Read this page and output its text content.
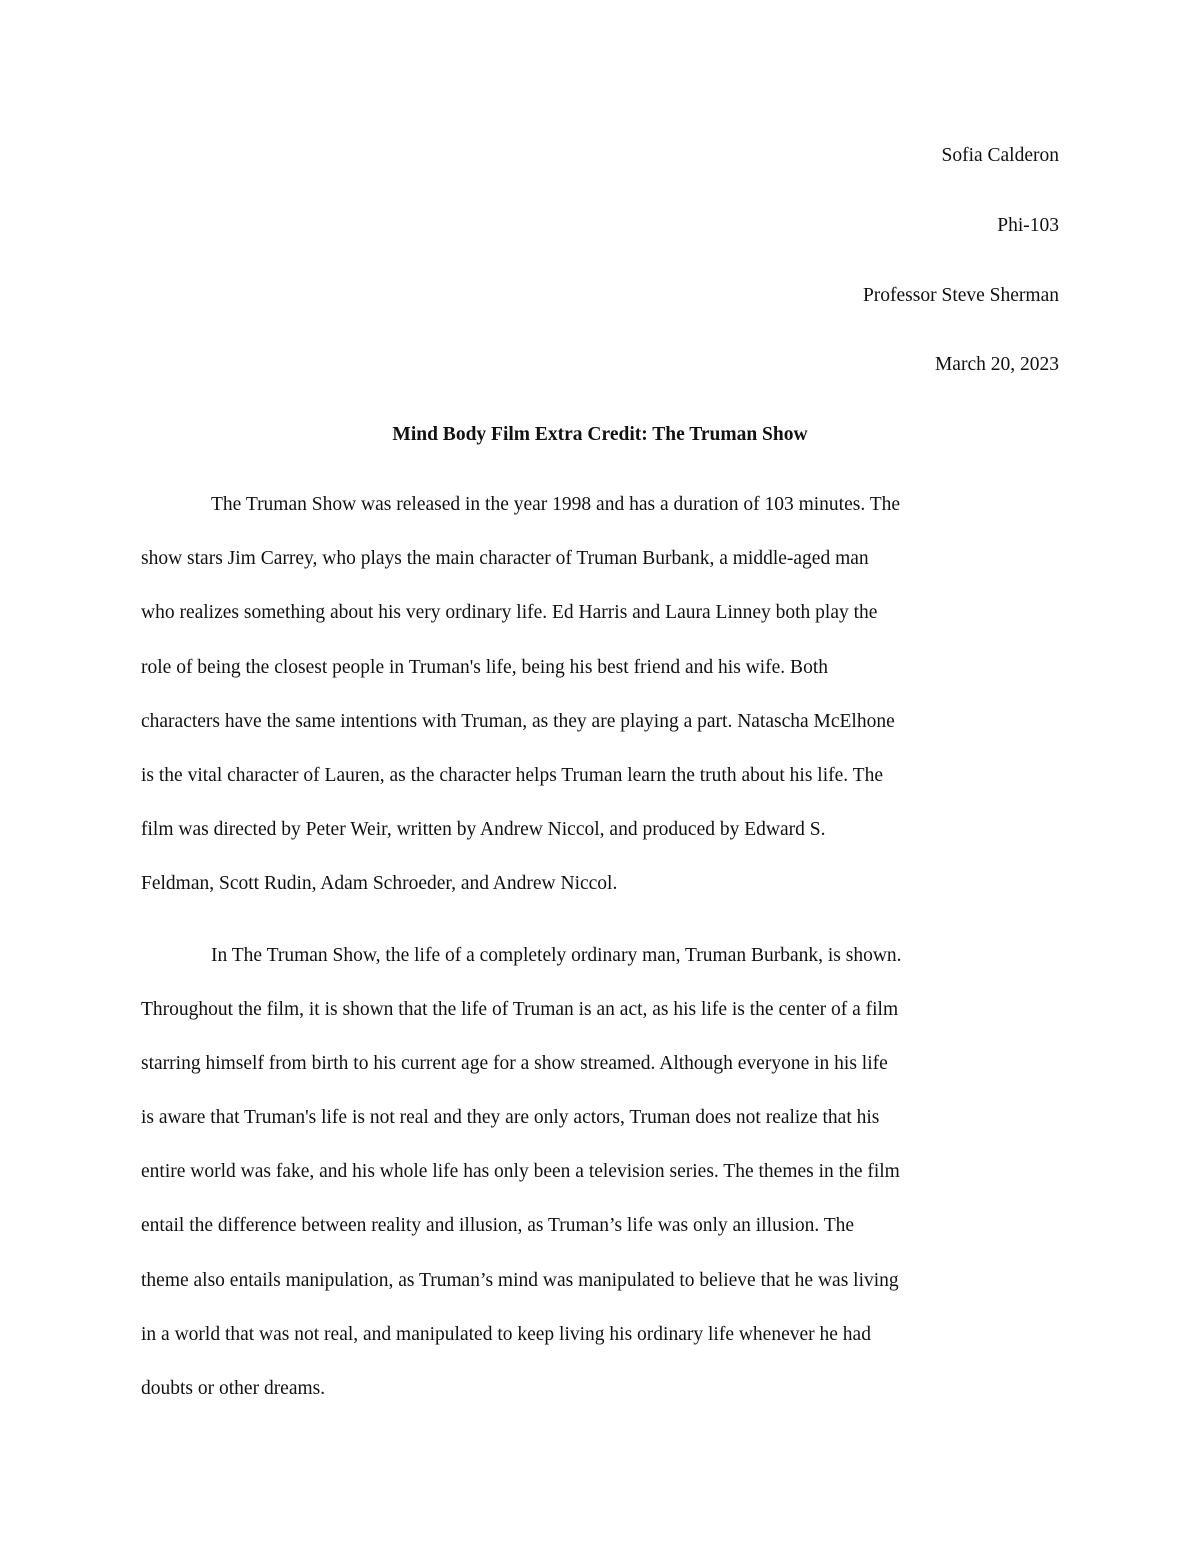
Sofia Calderon
Phi-103
Professor Steve Sherman
March 20, 2023
Mind Body Film Extra Credit: The Truman Show
The Truman Show was released in the year 1998 and has a duration of 103 minutes. The
show stars Jim Carrey, who plays the main character of Truman Burbank, a middle-aged man
who realizes something about his very ordinary life. Ed Harris and Laura Linney both play the
role of being the closest people in Truman's life, being his best friend and his wife. Both
characters have the same intentions with Truman, as they are playing a part. Natascha McElhone
is the vital character of Lauren, as the character helps Truman learn the truth about his life. The
film was directed by Peter Weir, written by Andrew Niccol, and produced by Edward S.
Feldman, Scott Rudin, Adam Schroeder, and Andrew Niccol.
In The Truman Show, the life of a completely ordinary man, Truman Burbank, is shown.
Throughout the film, it is shown that the life of Truman is an act, as his life is the center of a film
starring himself from birth to his current age for a show streamed. Although everyone in his life
is aware that Truman's life is not real and they are only actors, Truman does not realize that his
entire world was fake, and his whole life has only been a television series. The themes in the film
entail the difference between reality and illusion, as Truman’s life was only an illusion. The
theme also entails manipulation, as Truman’s mind was manipulated to believe that he was living
in a world that was not real, and manipulated to keep living his ordinary life whenever he had
doubts or other dreams.
